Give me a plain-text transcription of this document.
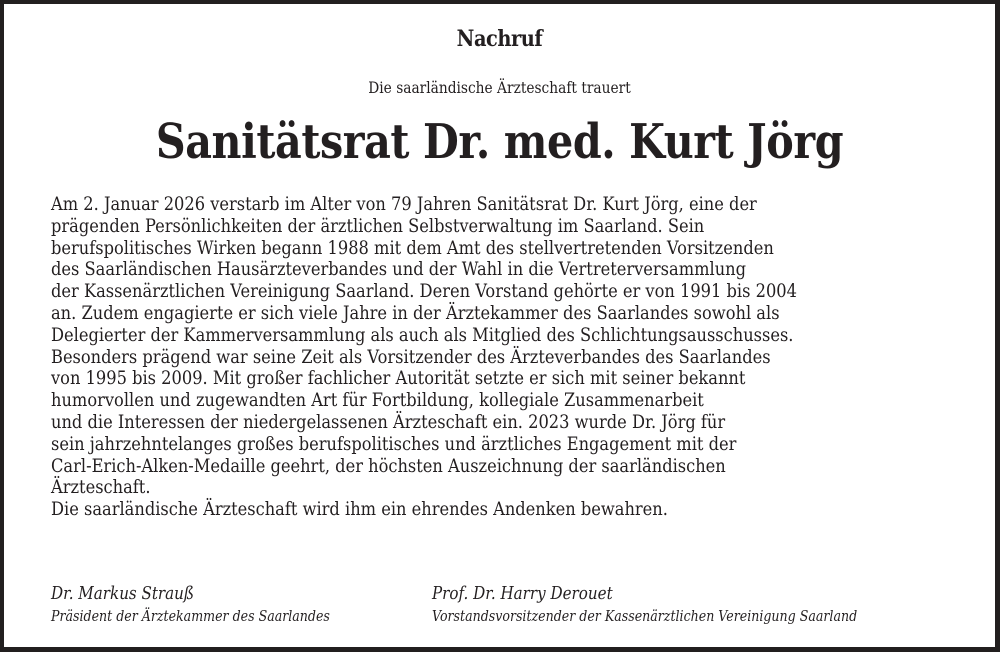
Nachruf
Die saarländische Ärzteschaft trauert
Sanitätsrat Dr. med. Kurt Jörg
Am 2. Januar 2026 verstarb im Alter von 79 Jahren Sanitätsrat Dr. Kurt Jörg, eine der
prägenden Persönlichkeiten der ärztlichen Selbstverwaltung im Saarland. Sein
berufspolitisches Wirken begann 1988 mit dem Amt des stellvertretenden Vorsitzenden
des Saarländischen Hausärzteverbandes und der Wahl in die Vertreterversammlung
der Kassenärztlichen Vereinigung Saarland. Deren Vorstand gehörte er von 1991 bis 2004
an. Zudem engagierte er sich viele Jahre in der Ärztekammer des Saarlandes sowohl als
Delegierter der Kammerversammlung als auch als Mitglied des Schlichtungsausschusses.
Besonders prägend war seine Zeit als Vorsitzender des Ärzteverbandes des Saarlandes
von 1995 bis 2009. Mit großer fachlicher Autorität setzte er sich mit seiner bekannt
humorvollen und zugewandten Art für Fortbildung, kollegiale Zusammenarbeit
und die Interessen der niedergelassenen Ärzteschaft ein. 2023 wurde Dr. Jörg für
sein jahrzehntelanges großes berufspolitisches und ärztliches Engagement mit der
Carl-Erich-Alken-Medaille geehrt, der höchsten Auszeichnung der saarländischen
Ärzteschaft.
Die saarländische Ärzteschaft wird ihm ein ehrendes Andenken bewahren.
Dr. Markus Strauß
Präsident der Ärztekammer des Saarlandes
Prof. Dr. Harry Derouet
Vorstandsvorsitzender der Kassenärztlichen Vereinigung Saarland
